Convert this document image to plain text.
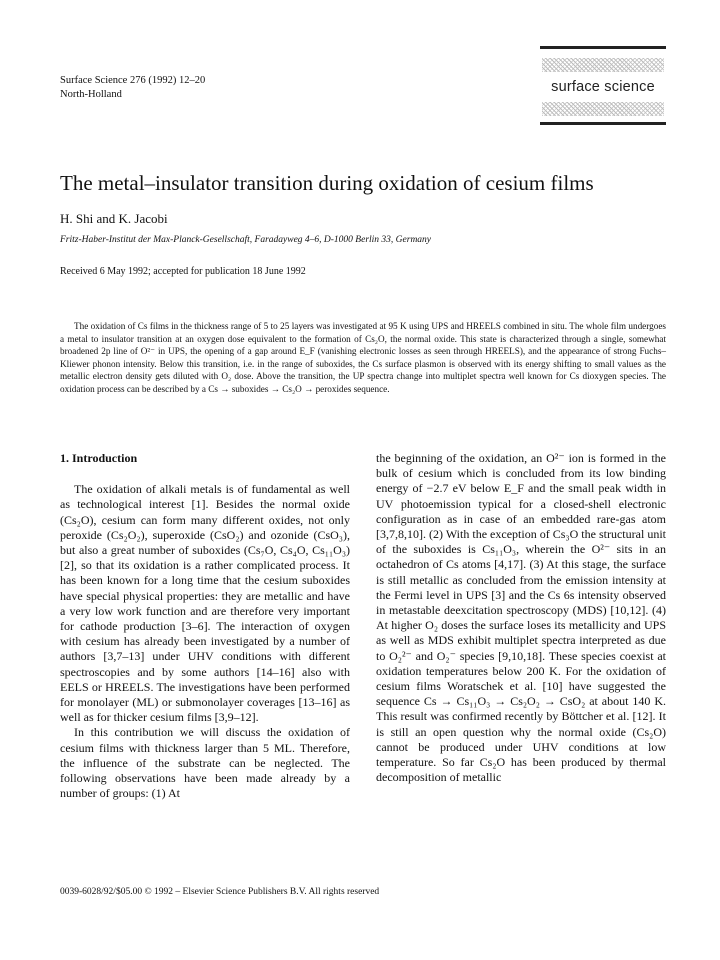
Surface Science 276 (1992) 12–20
North-Holland	surface science
The metal–insulator transition during oxidation of cesium films
H. Shi and K. Jacobi
Fritz-Haber-Institut der Max-Planck-Gesellschaft, Faradayweg 4–6, D-1000 Berlin 33, Germany
Received 6 May 1992; accepted for publication 18 June 1992
The oxidation of Cs films in the thickness range of 5 to 25 layers was investigated at 95 K using UPS and HREELS combined in situ. The whole film undergoes a metal to insulator transition at an oxygen dose equivalent to the formation of Cs₂O, the normal oxide. This state is characterized through a single, somewhat broadened 2p line of O²⁻ in UPS, the opening of a gap around E_F (vanishing electronic losses as seen through HREELS), and the appearance of strong Fuchs–Kliewer phonon intensity. Below this transition, i.e. in the range of suboxides, the Cs surface plasmon is observed with its energy shifting to small values as the metallic electron density gets diluted with O₂ dose. Above the transition, the UP spectra change into multiplet spectra well known for Cs dioxygen species. The oxidation process can be described by a Cs → suboxides → Cs₂O → peroxides sequence.

1. Introduction

The oxidation of alkali metals is of fundamental as well as technological interest [1]. Besides the normal oxide (Cs₂O), cesium can form many different oxides, not only peroxide (Cs₂O₂), superoxide (CsO₂) and ozonide (CsO₃), but also a great number of suboxides (Cs₇O, Cs₄O, Cs₁₁O₃) [2], so that its oxidation is a rather complicated process. It has been known for a long time that the cesium suboxides have special physical properties: they are metallic and have a very low work function and are therefore very important for cathode production [3–6]. The interaction of oxygen with cesium has already been investigated by a number of authors [3,7–13] under UHV conditions with different spectroscopies and by some authors [14–16] also with EELS or HREELS. The investigations have been performed for monolayer (ML) or submonolayer coverages [13–16] as well as for thicker cesium films [3,9–12].

In this contribution we will discuss the oxidation of cesium films with thickness larger than 5 ML. Therefore, the influence of the substrate can be neglected. The following observations have been made already by a number of groups: (1) At

the beginning of the oxidation, an O²⁻ ion is formed in the bulk of cesium which is concluded from its low binding energy of −2.7 eV below E_F and the small peak width in UV photoemission typical for a closed-shell electronic configuration as in case of an embedded rare-gas atom [3,7,8,10]. (2) With the exception of Cs₃O the structural unit of the suboxides is Cs₁₁O₃, wherein the O²⁻ sits in an octahedron of Cs atoms [4,17]. (3) At this stage, the surface is still metallic as concluded from the emission intensity at the Fermi level in UPS [3] and the Cs 6s intensity observed in metastable deexcitation spectroscopy (MDS) [10,12]. (4) At higher O₂ doses the surface loses its metallicity and UPS as well as MDS exhibit multiplet spectra interpreted as due to O₂²⁻ and O₂⁻ species [9,10,18]. These species coexist at oxidation temperatures below 200 K. For the oxidation of cesium films Woratschek et al. [10] have suggested the sequence Cs → Cs₁₁O₃ → Cs₂O₂ → CsO₂ at about 140 K. This result was confirmed recently by Böttcher et al. [12]. It is still an open question why the normal oxide (Cs₂O) cannot be produced under UHV conditions at low temperature. So far Cs₂O has been produced by thermal decomposition of metallic

0039-6028/92/$05.00 © 1992 – Elsevier Science Publishers B.V. All rights reserved
